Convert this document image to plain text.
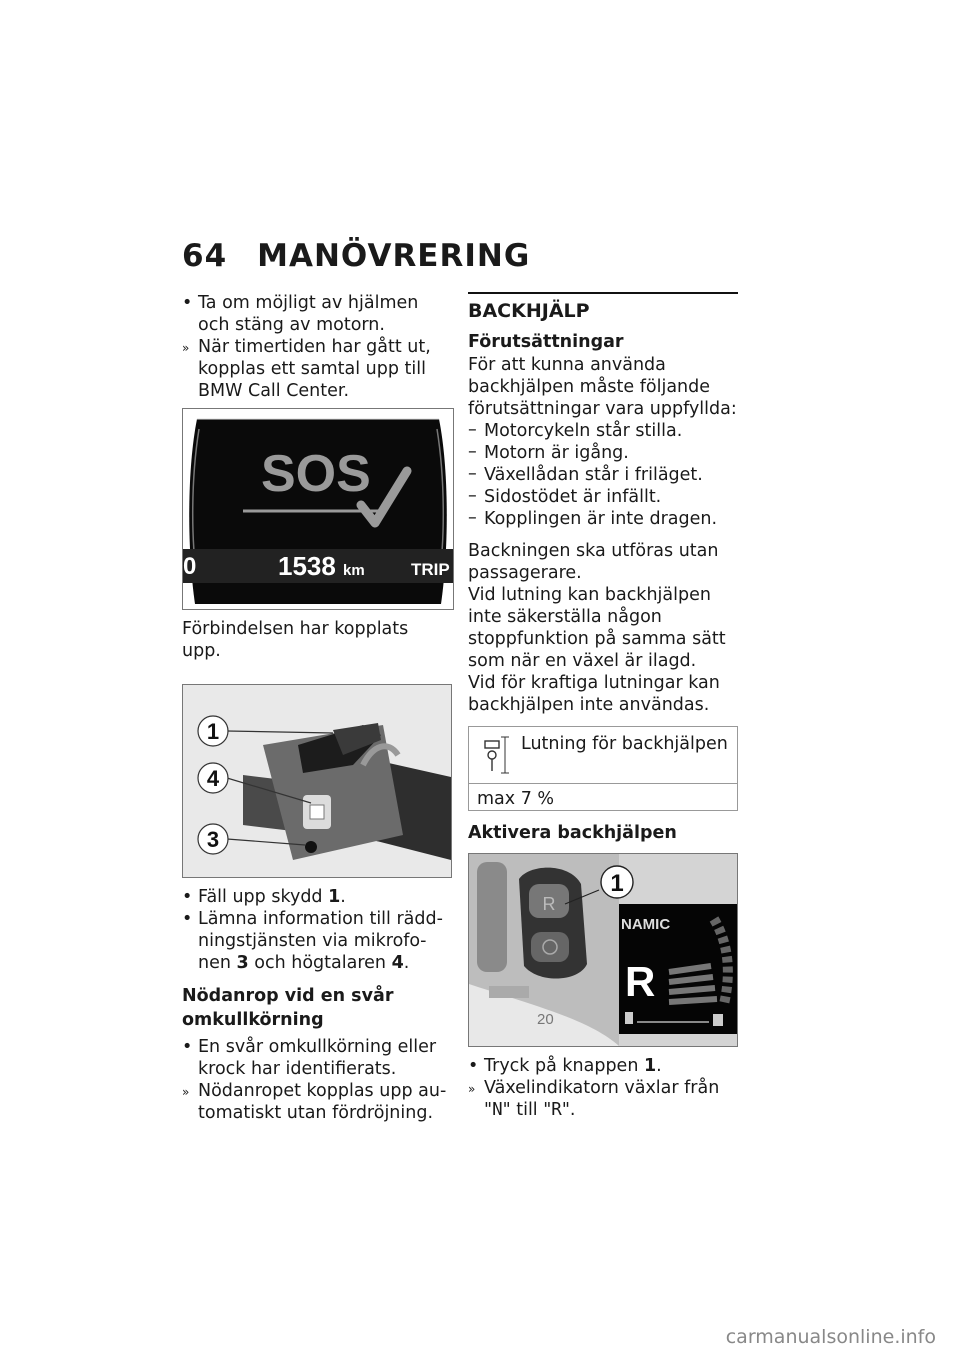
64 MANÖVRERING

• Ta om möjligt av hjälmen och stäng av motorn.

» När timertiden har gått ut, kopplas ett samtal upp till BMW Call Center.

SOS
0	1538 km	TRIP

Förbindelsen har kopplats upp.

1
4
3

• Fäll upp skydd 1.

• Lämna information till räddningstjänsten via mikrofonen 3 och högtalaren 4.

Nödanrop vid en svår omkullkörning

• En svår omkullkörning eller krock har identifierats.

» Nödanropet kopplas upp automatiskt utan fördröjning.

BACKHJÄLP

Förutsättningar

För att kunna använda backhjälpen måste följande förutsättningar vara uppfyllda:

– Motorcykeln står stilla.

– Motorn är igång.

– Växellådan står i friläget.

– Sidostödet är infällt.

– Kopplingen är inte dragen.

Backningen ska utföras utan passagerare.

Vid lutning kan backhjälpen inte säkerställa någon stoppfunktion på samma sätt som när en växel är ilagd.

Vid för kraftiga lutningar kan backhjälpen inte användas.

Lutning för backhjälpen
max 7 %

Aktivera backhjälpen

R
20
1
NAMIC
R

• Tryck på knappen 1.

» Växelindikatorn växlar från "N" till "R".

carmanualsonline.info
